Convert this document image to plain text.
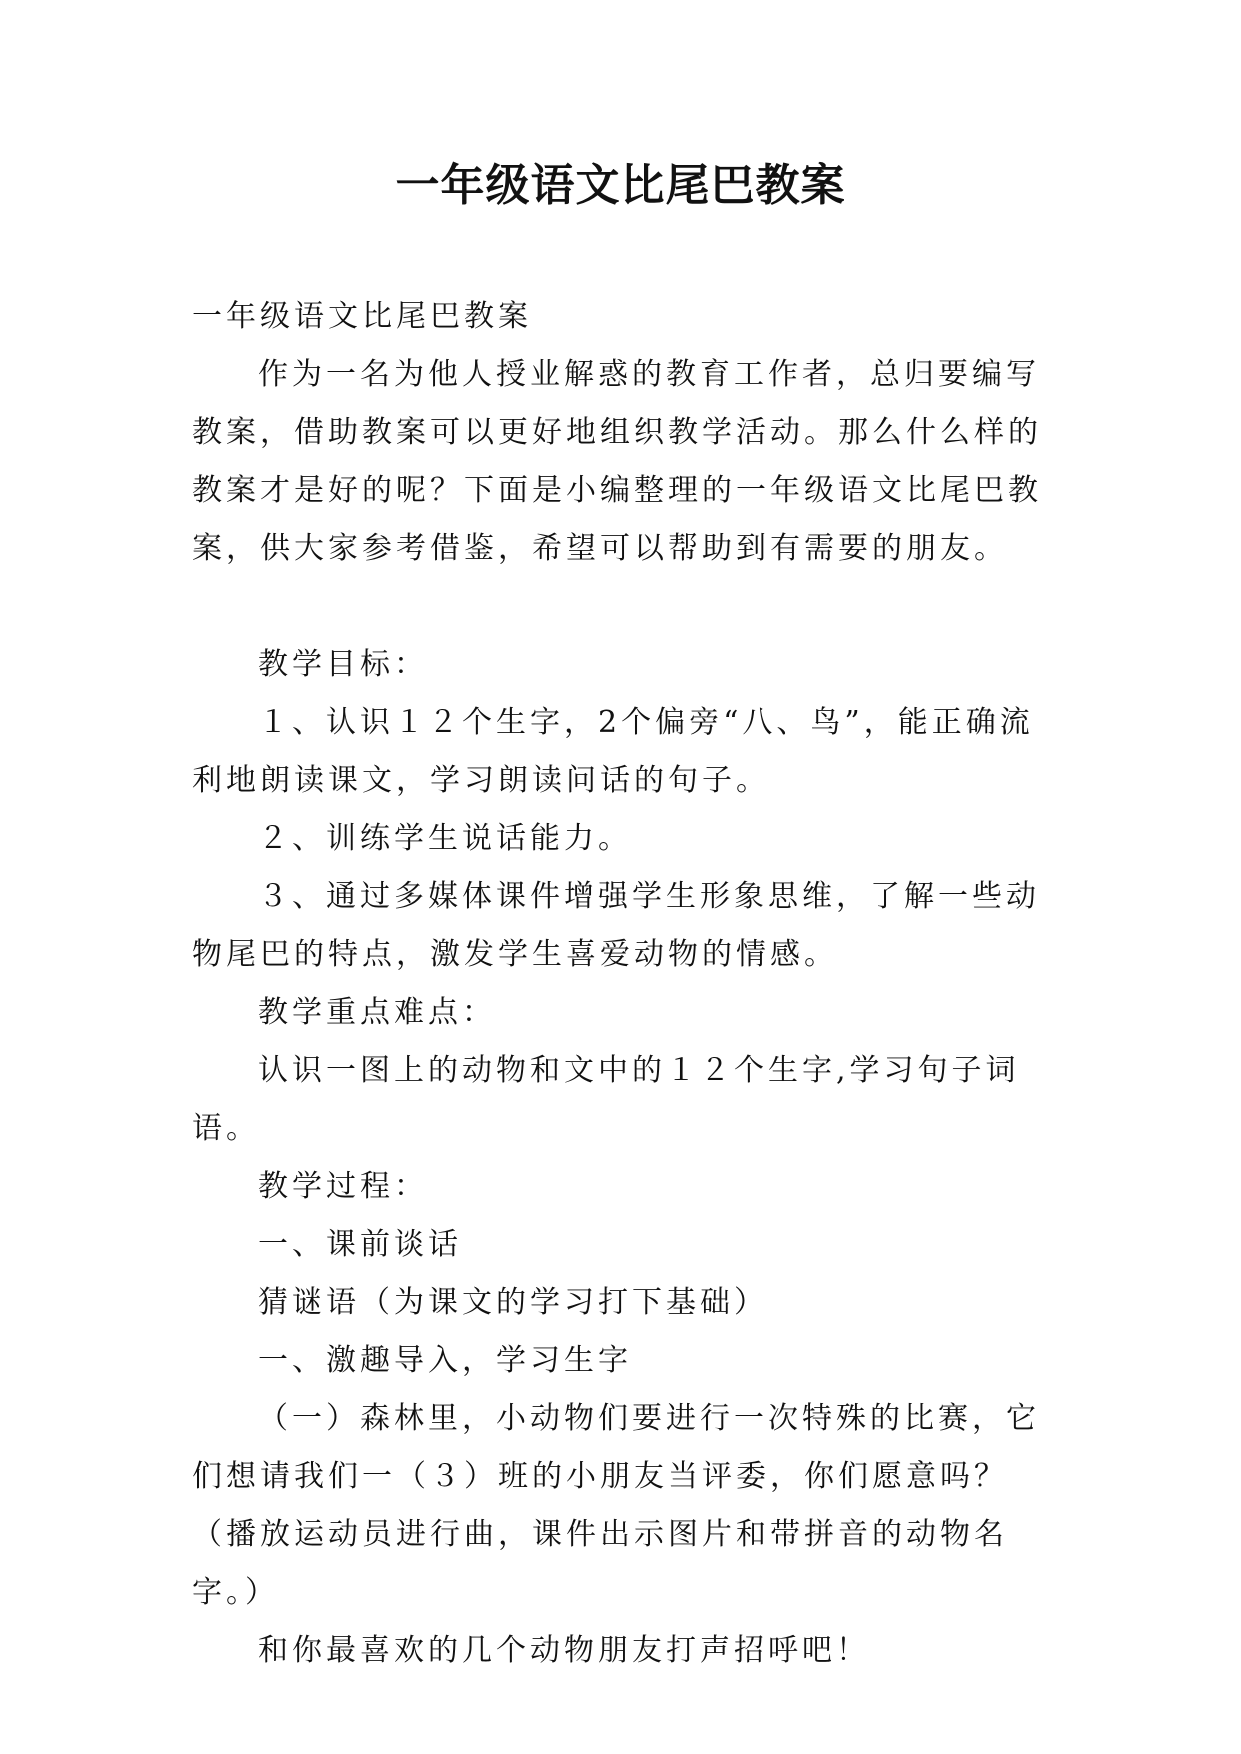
一年级语文比尾巴教案

一年级语文比尾巴教案

作为一名为他人授业解惑的教育工作者，总归要编写教案，借助教案可以更好地组织教学活动。那么什么样的教案才是好的呢？下面是小编整理的一年级语文比尾巴教案，供大家参考借鉴，希望可以帮助到有需要的朋友。

教学目标：

１、认识１２个生字，2个偏旁“八、鸟”，能正确流利地朗读课文，学习朗读问话的句子。

２、训练学生说话能力。

３、通过多媒体课件增强学生形象思维，了解一些动物尾巴的特点，激发学生喜爱动物的情感。

教学重点难点：

认识一图上的动物和文中的１２个生字,学习句子词语。

教学过程：

一、课前谈话

猜谜语（为课文的学习打下基础）

一、激趣导入，学习生字

（一）森林里，小动物们要进行一次特殊的比赛，它们想请我们一（３）班的小朋友当评委，你们愿意吗？（播放运动员进行曲，课件出示图片和带拼音的动物名字。）

和你最喜欢的几个动物朋友打声招呼吧！
